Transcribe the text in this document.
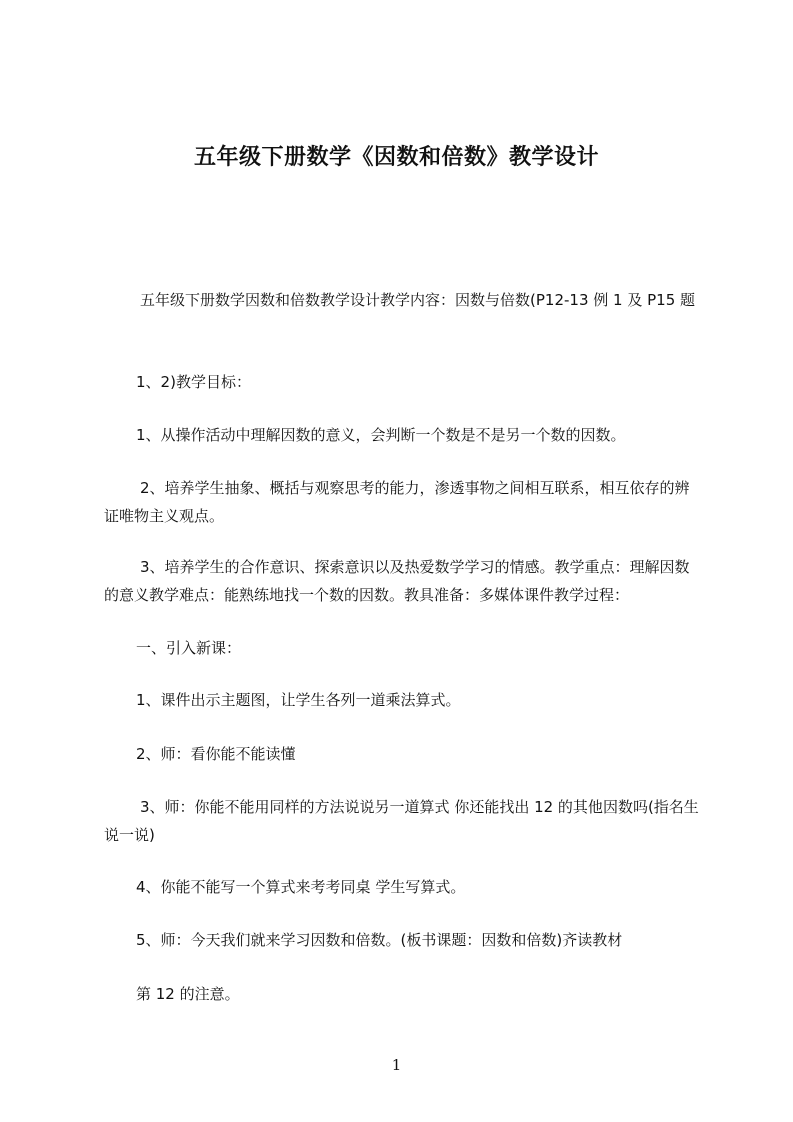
五年级下册数学《因数和倍数》教学设计

五年级下册数学因数和倍数教学设计教学内容：因数与倍数(P12-13 例 1 及 P15 题

1、2)教学目标：

1、从操作活动中理解因数的意义，会判断一个数是不是另一个数的因数。

2、培养学生抽象、概括与观察思考的能力，渗透事物之间相互联系，相互依存的辨证唯物主义观点。

3、培养学生的合作意识、探索意识以及热爱数学学习的情感。教学重点：理解因数的意义教学难点：能熟练地找一个数的因数。教具准备：多媒体课件教学过程：

一、引入新课：

1、课件出示主题图，让学生各列一道乘法算式。

2、师：看你能不能读懂

3、师：你能不能用同样的方法说说另一道算式 你还能找出 12 的其他因数吗(指名生说一说)

4、你能不能写一个算式来考考同桌 学生写算式。

5、师：今天我们就来学习因数和倍数。(板书课题：因数和倍数)齐读教材

第 12 的注意。

1
